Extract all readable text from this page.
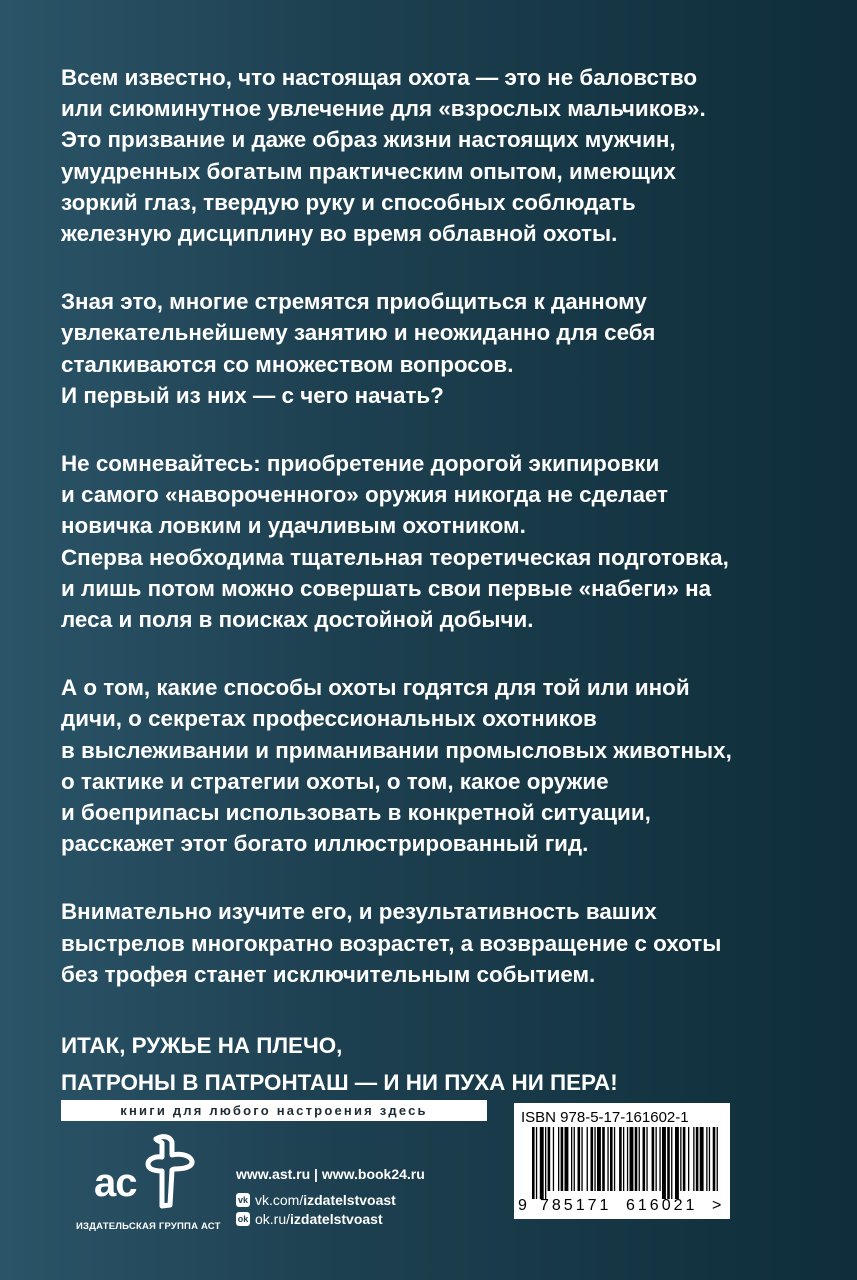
Всем известно, что настоящая охота — это не баловство
или сиюминутное увлечение для «взрослых мальчиков».
Это призвание и даже образ жизни настоящих мужчин,
умудренных богатым практическим опытом, имеющих
зоркий глаз, твердую руку и способных соблюдать
железную дисциплину во время облавной охоты.

Зная это, многие стремятся приобщиться к данному
увлекательнейшему занятию и неожиданно для себя
сталкиваются со множеством вопросов.
И первый из них — с чего начать?

Не сомневайтесь: приобретение дорогой экипировки
и самого «навороченного» оружия никогда не сделает
новичка ловким и удачливым охотником.
Сперва необходима тщательная теоретическая подготовка,
и лишь потом можно совершать свои первые «набеги» на
леса и поля в поисках достойной добычи.

А о том, какие способы охоты годятся для той или иной
дичи, о секретах профессиональных охотников
в выслеживании и приманивании промысловых животных,
о тактике и стратегии охоты, о том, какое оружие
и боеприпасы использовать в конкретной ситуации,
расскажет этот богато иллюстрированный гид.

Внимательно изучите его, и результативность ваших
выстрелов многократно возрастет, а возвращение с охоты
без трофея станет исключительным событием.

ИТАК, РУЖЬЕ НА ПЛЕЧО,
ПАТРОНЫ В ПАТРОНТАШ — И НИ ПУХА НИ ПЕРА!
книги для любого настроения здесь
ac
ИЗДАТЕЛЬСКАЯ ГРУППА АСТ
www.ast.ru | www.book24.ru
vk vk.com/ izdatelstvoast
ok ok.ru/ izdatelstvoast
ISBN 978-5-17-161602-1
9 785171 616021 >
